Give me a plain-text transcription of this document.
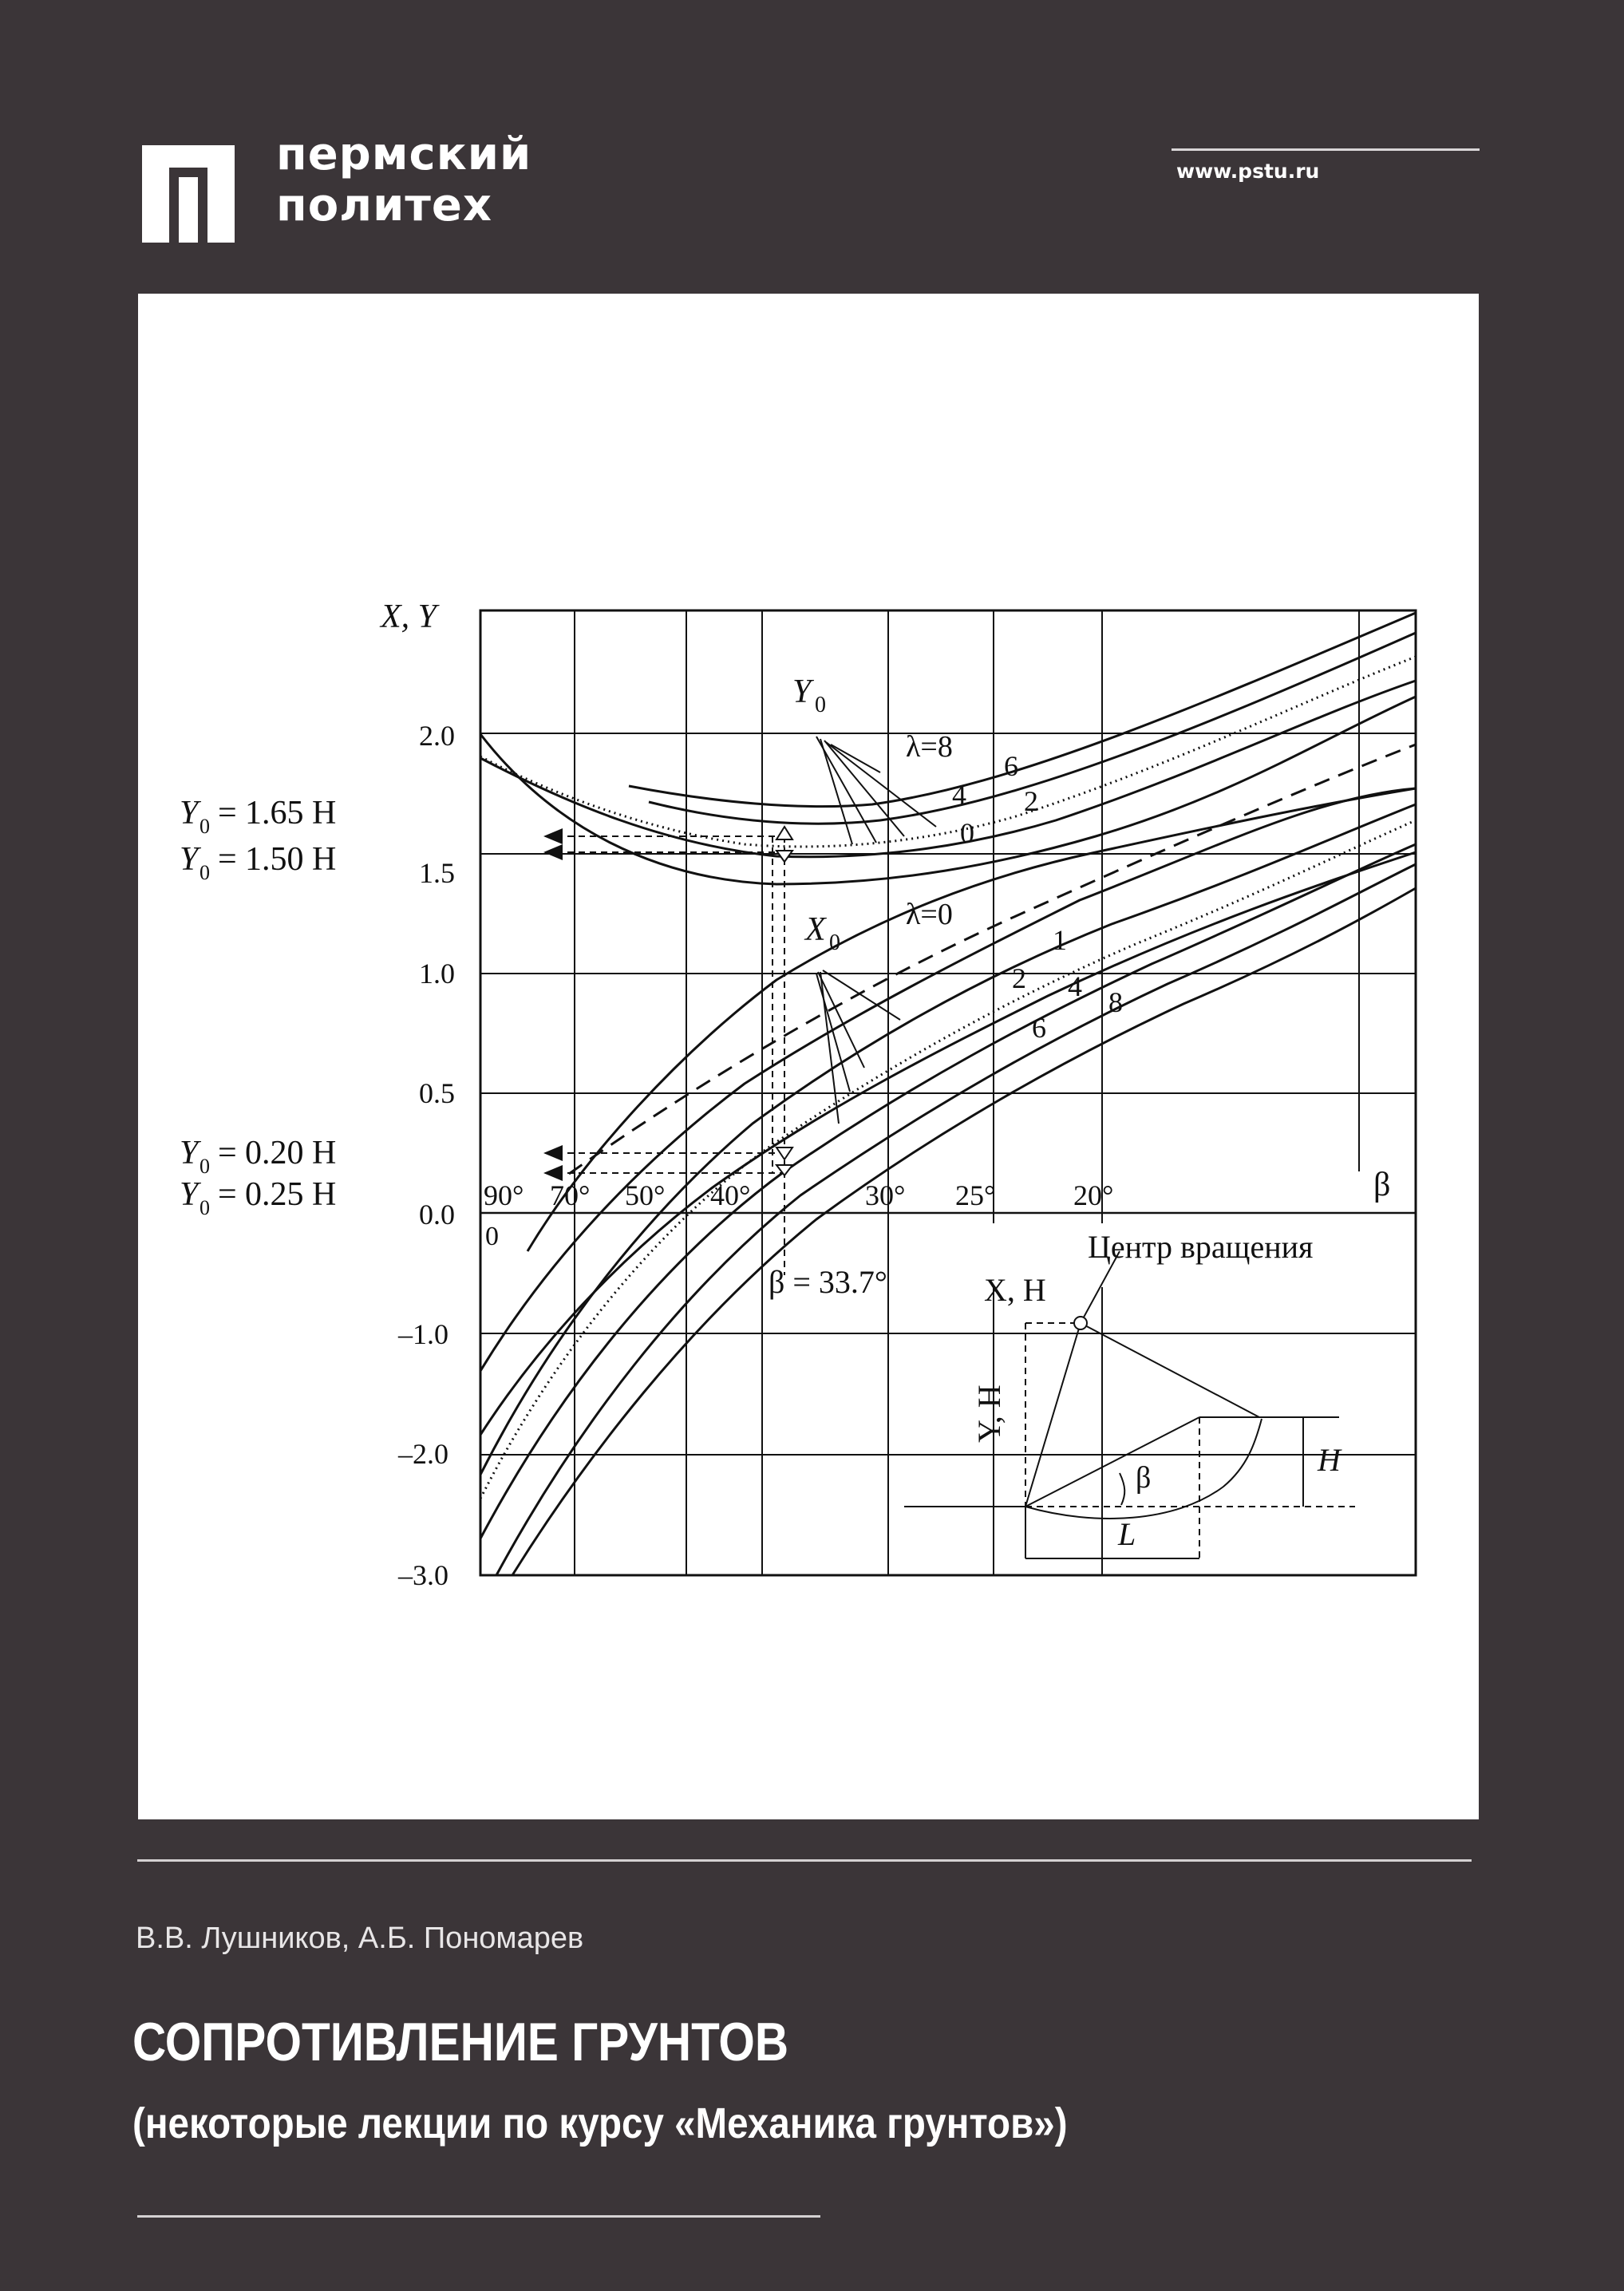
пермский
политех
www.pstu.ru
X, Y
β
2.0
1.5
1.0
0.5
0.0
–1.0
–2.0
–3.0
0
90° 70° 50° 40°	30° 25°	20°
Y 0 = 1.65 H
Y 0 = 1.50 H
Y 0 = 0.20 H
Y 0 = 0.25 H
Y 0
X 0
λ=8
6
4 2
0
λ=0
1
2 4
6
8
β = 33.7°
Центр вращения
X, H
Y, H
H
L
β
В.В. Лушников, А.Б. Пономарев
СОПРОТИВЛЕНИЕ ГРУНТОВ
(некоторые лекции по курсу «Механика грунтов»)
